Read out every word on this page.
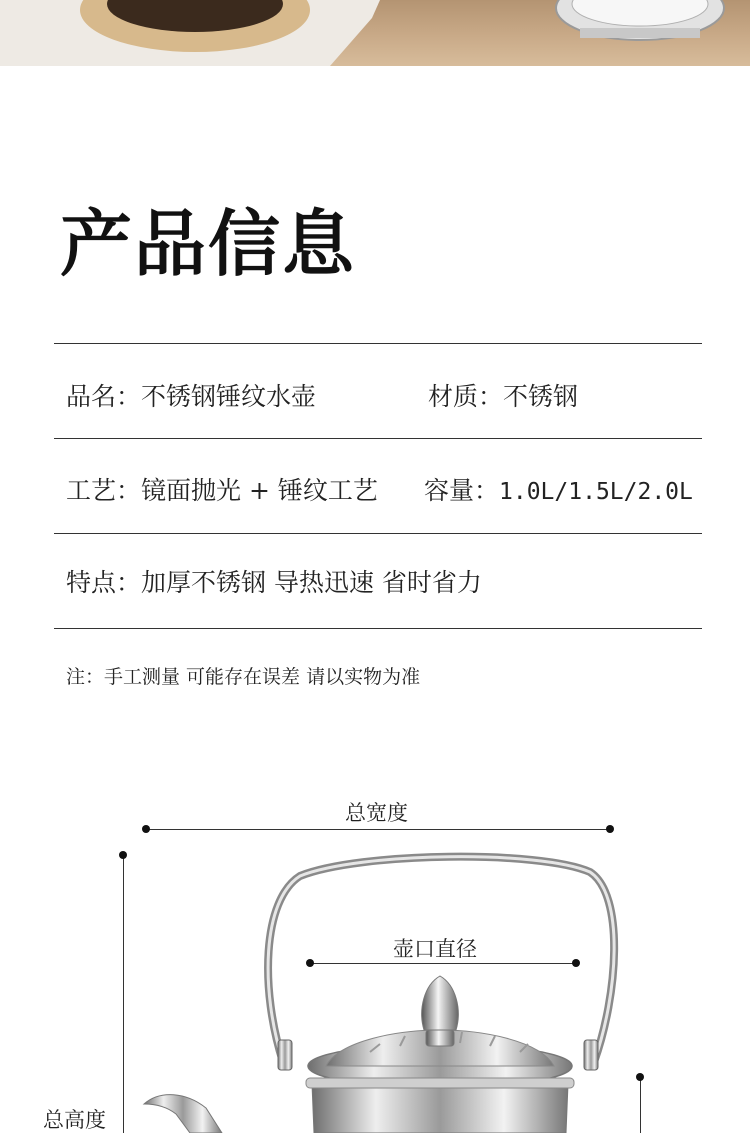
产品信息
品名：不锈钢锤纹水壶	材质：不锈钢
工艺：镜面抛光 + 锤纹工艺 容量：1.0L/1.5L/2.0L
特点：加厚不锈钢 导热迅速 省时省力
注：手工测量 可能存在误差 请以实物为准
总宽度
总高度
壶口直径
